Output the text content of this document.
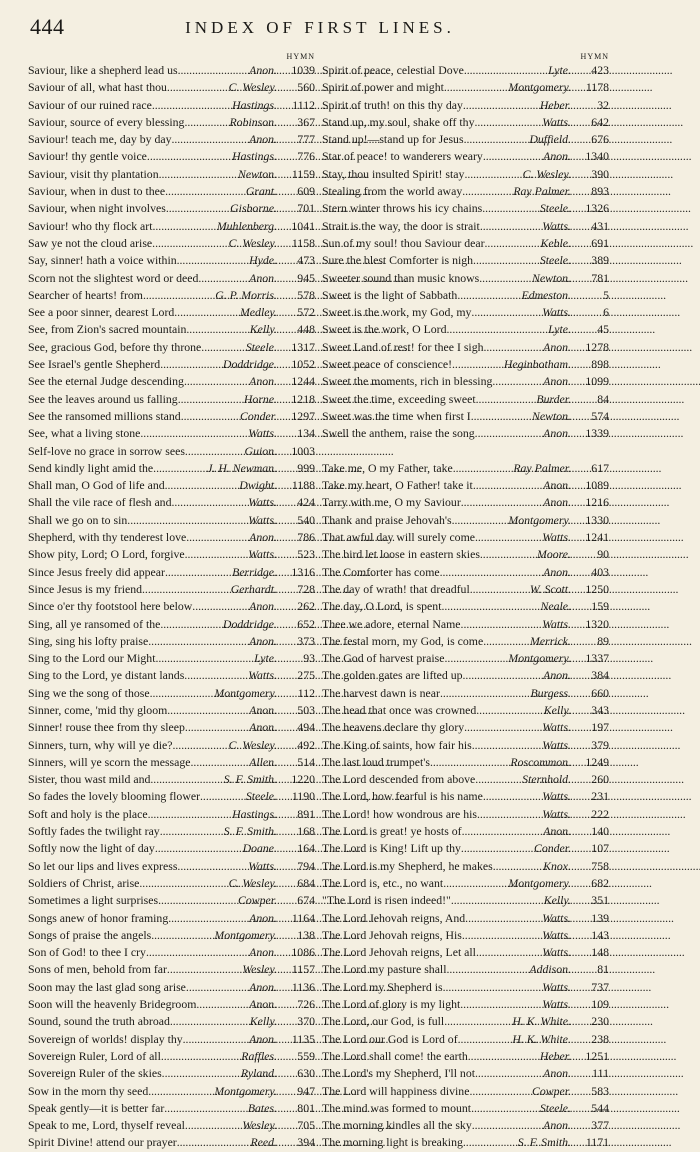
444	INDEX OF FIRST LINES.
HYMN
Saviour, like a shepherd lead us . . .	Anon.	1039
Saviour of all, what hast thou . . .	C. Wesley.	560
Saviour of our ruined race . . .	Hastings.	1112
Saviour, source of every blessing . . .	Robinson.	367
Saviour! teach me, day by day . . .	Anon.	777
Saviour! thy gentle voice . . .	Hastings.	776
Saviour, visit thy plantation . . .	Newton.	1159
Saviour, when in dust to thee . . .	Grant.	609
Saviour, when night involves . . .	Gisborne.	701
Saviour! who thy flock art . . .	Muhlenberg.	1041
Saw ye not the cloud arise . . .	C. Wesley.	1158
Say, sinner! hath a voice within . . .	Hyde.	473
Scorn not the slightest word or deed . . .	Anon.	945
Searcher of hearts! from . . .	G. P. Morris.	578
See a poor sinner, dearest Lord . . .	Medley.	572
See, from Zion's sacred mountain . . .	Kelly.	448
See, gracious God, before thy throne . . .	Steele.	1317
See Israel's gentle Shepherd . . .	Doddridge.	1052
See the eternal Judge descending . . .	Anon.	1244
See the leaves around us falling . . .	Horne.	1218
See the ransomed millions stand . . .	Conder.	1297
See, what a living stone . . .	Watts.	134
Self-love no grace in sorrow sees . . .	Guion.	1003
Send kindly light amid the . . .	J. H. Newman.	999
Shall man, O God of life and . . .	Dwight.	1188
Shall the vile race of flesh and . . .	Watts.	424
Shall we go on to sin . . .	Watts.	540
Shepherd, with thy tenderest love . . .	Anon.	786
Show pity, Lord; O Lord, forgive . . .	Watts.	523
Since Jesus freely did appear . . .	Berridge.	1316
Since Jesus is my friend . . .	Gerhardt.	728
Since o'er thy footstool here below . . .	Anon.	262
Sing, all ye ransomed of the . . .	Doddridge.	652
Sing, sing his lofty praise . . .	Anon.	373
Sing to the Lord our Might . . .	Lyte.	93
Sing to the Lord, ye distant lands . . .	Watts.	275
Sing we the song of those . . .	Montgomery.	112
Sinner, come, 'mid thy gloom . . .	Anon.	503
Sinner! rouse thee from thy sleep . . .	Anon.	494
Sinners, turn, why will ye die? . . .	C. Wesley.	492
Sinners, will ye scorn the message . . .	Allen.	514
Sister, thou wast mild and . . .	S. F. Smith.	1220
So fades the lovely blooming flower . . .	Steele.	1190
Soft and holy is the place . . .	Hastings.	891
Softly fades the twilight ray . . .	S. F. Smith.	168
Softly now the light of day . . .	Doane.	164
So let our lips and lives express . . .	Watts.	794
Soldiers of Christ, arise . . .	C. Wesley.	684
Sometimes a light surprises . . .	Cowper.	674
Songs anew of honor framing . . .	Anon.	1164
Songs of praise the angels . . .	Montgomery.	138
Son of God! to thee I cry . . .	Anon.	1086
Sons of men, behold from far . . .	Wesley.	1157
Soon may the last glad song arise . . .	Anon.	1136
Soon will the heavenly Bridegroom . . .	Anon.	726
Sound, sound the truth abroad . . .	Kelly.	370
Sovereign of worlds! display thy . . .	Anon.	1135
Sovereign Ruler, Lord of all . . .	Raffles.	559
Sovereign Ruler of the skies . . .	Ryland.	630
Sow in the morn thy seed . . .	Montgomery.	947
Speak gently—it is better far . . .	Bates.	801
Speak to me, Lord, thyself reveal . . .	Wesley.	705
Spirit Divine! attend our prayer . . .	Reed.	394
HYMN
Spirit of peace, celestial Dove . . .	Lyte.	423
Spirit of power and might . . .	Montgomery.	1178
Spirit of truth! on this thy day . . .	Heber.	32
Stand up, my soul, shake off thy . . .	Watts.	642
Stand up!—stand up for Jesus . . .	Duffield.	676
Star of peace! to wanderers weary . . .	Anon.	1340
Stay, thou insulted Spirit! stay . . .	C. Wesley.	390
Stealing from the world away . . .	Ray Palmer.	893
Stern winter throws his icy chains . . .	Steele.	1326
Strait is the way, the door is strait . . .	Watts.	431
Sun of my soul! thou Saviour dear . . .	Keble.	691
Sure the blest Comforter is nigh . . .	Steele.	389
Sweeter sound than music knows . . .	Newton.	781
Sweet is the light of Sabbath . . .	Edmeston.	5
Sweet is the work, my God, my . . .	Watts.	6
Sweet is the work, O Lord . . .	Lyte.	45
Sweet Land of rest! for thee I sigh . . .	Anon.	1278
Sweet peace of conscience! . . .	Heginbotham.	898
Sweet the moments, rich in blessing . . .	Anon.	1099
Sweet the time, exceeding sweet . . .	Burder.	84
Sweet was the time when first I . . .	Newton.	574
Swell the anthem, raise the song . . .	Anon.	1339
Take me, O my Father, take . . .	Ray Palmer.	617
Take my heart, O Father! take it . . .	Anon.	1089
Tarry with me, O my Saviour . . .	Anon.	1216
Thank and praise Jehovah's . . .	Montgomery.	1330
That awful day will surely come . . .	Watts.	1241
The bird let loose in eastern skies . . .	Moore.	90
The Comforter has come . . .	Anon.	403
The day of wrath! that dreadful . . .	W. Scott.	1250
The day, O Lord, is spent . . .	Neale.	159
Thee we adore, eternal Name . . .	Watts.	1320
The festal morn, my God, is come . . .	Merrick.	89
The God of harvest praise . . .	Montgomery.	1337
The golden gates are lifted up . . .	Anon.	384
The harvest dawn is near . . .	Burgess.	660
The head that once was crowned . . .	Kelly.	343
The heavens declare thy glory . . .	Watts.	197
The King of saints, how fair his . . .	Watts.	379
The last loud trumpet's . . .	Roscommon.	1249
The Lord descended from above . . .	Sternhold.	260
The Lord, how fearful is his name . . .	Watts.	231
The Lord! how wondrous are his . . .	Watts.	222
The Lord is great! ye hosts of . . .	Anon.	140
The Lord is King! Lift up thy . . .	Conder.	107
The Lord is my Shepherd, he makes . . .	Knox.	758
The Lord is, etc., no want . . .	Montgomery.	682
"The Lord is risen indeed!" . . .	Kelly.	351
The Lord Jehovah reigns, And . . .	Watts.	139
The Lord Jehovah reigns, His . . .	Watts.	143
The Lord Jehovah reigns, Let all . . .	Watts.	148
The Lord my pasture shall . . .	Addison.	81
The Lord my Shepherd is . . .	Watts.	737
The Lord of glory is my light . . .	Watts.	109
The Lord, our God, is full . . .	H. K. White.	230
The Lord our God is Lord of . . .	H. K. White.	238
The Lord shall come! the earth . . .	Heber.	1251
The Lord's my Shepherd, I'll not . . .	Anon.	111
The Lord will happiness divine . . .	Cowper.	583
The mind was formed to mount . . .	Steele.	544
The morning kindles all the sky . . .	Anon.	377
The morning light is breaking . . .	S. F. Smith.	1171
